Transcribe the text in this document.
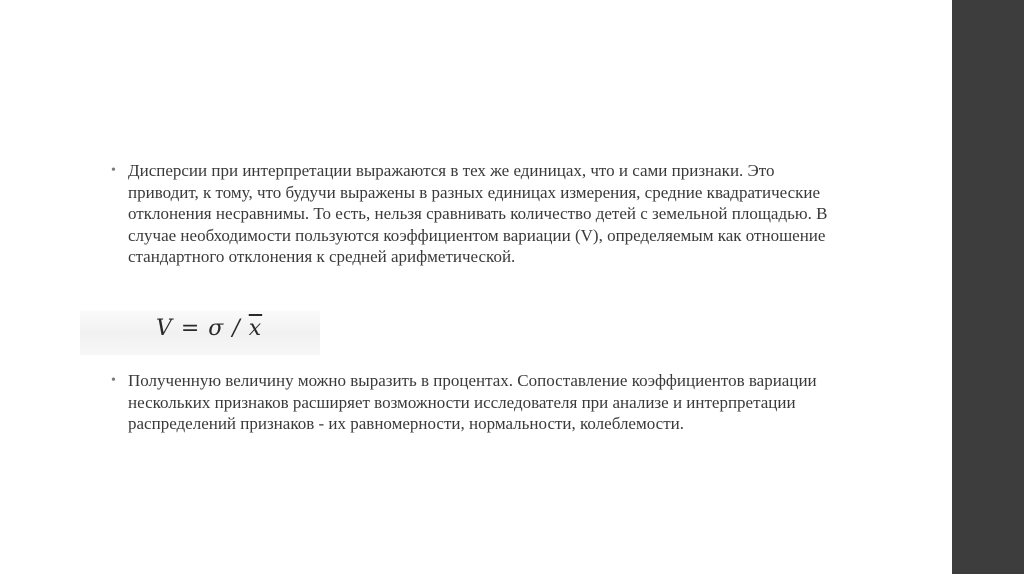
• Дисперсии при интерпретации выражаются в тех же единицах, что и сами признаки. Это приводит, к тому, что будучи выражены в разных единицах измерения, средние квадратические отклонения несравнимы. То есть, нельзя сравнивать количество детей с земельной площадью. В случае необходимости пользуются коэффициентом вариации (V), определяемым как отношение стандартного отклонения к средней арифметической.
$V = \sigma / \overline{x}$
• Полученную величину можно выразить в процентах. Сопоставление коэффициентов вариации нескольких признаков расширяет возможности исследователя при анализе и интерпретации распределений признаков - их равномерности, нормальности, колеблемости.
